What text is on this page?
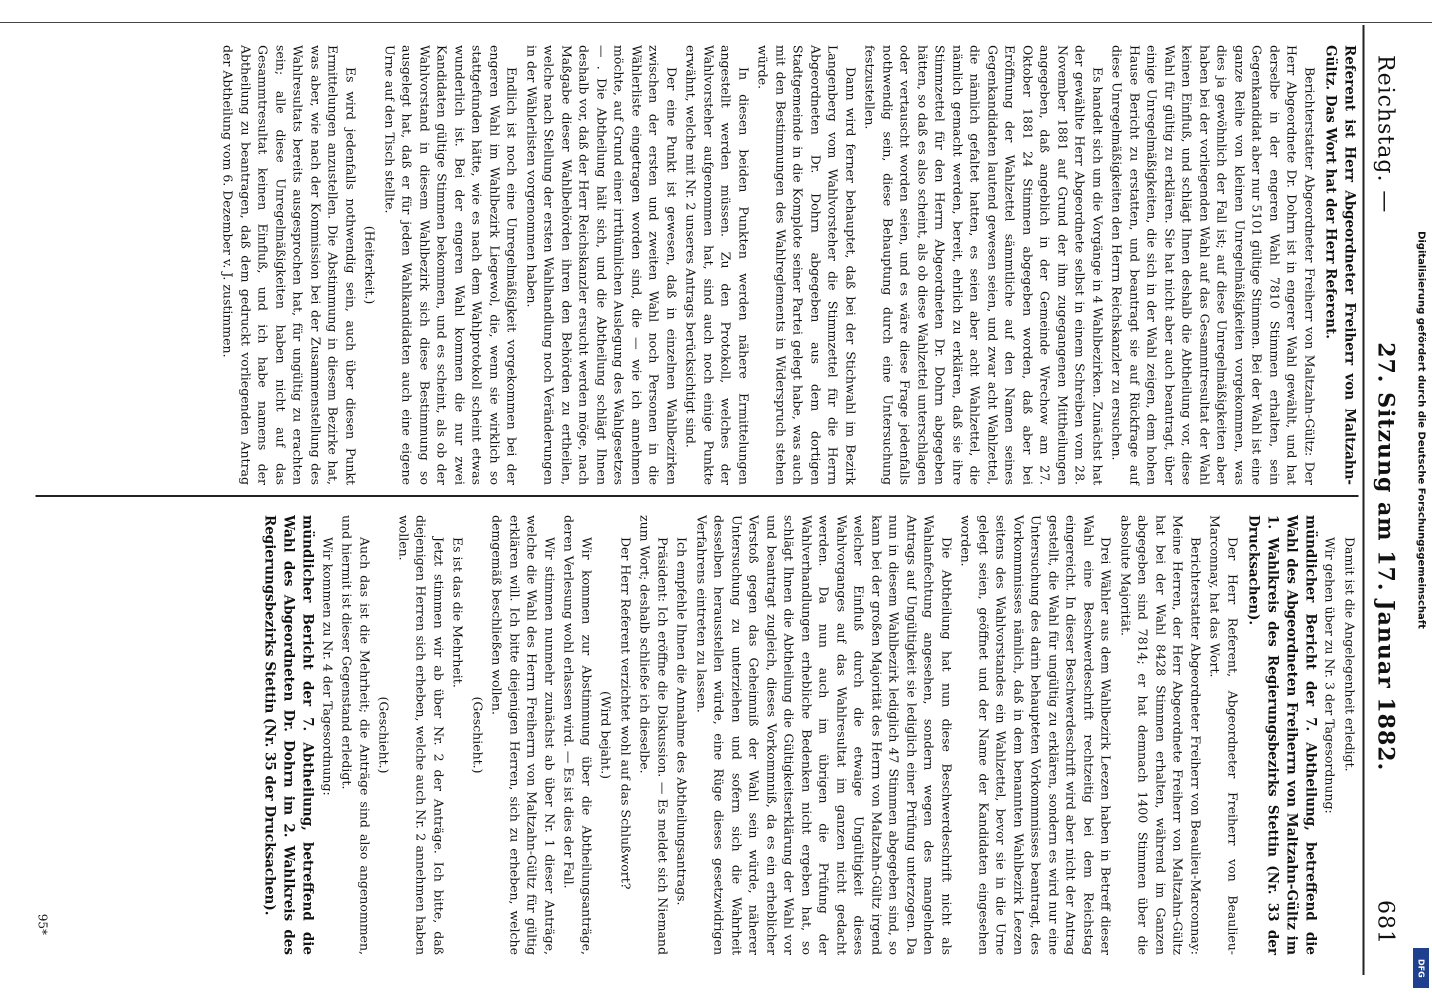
Reichstag. —
27. Sitzung am 17. Januar 1882.
681

Referent ist Herr Abgeordneter Freiherr von Maltzahn-Gültz. Das Wort hat der Herr Referent.

Berichterstatter Abgeordneter Freiherr von Maltzahn-Gültz: Der Herr Abgeordnete Dr. Dohrn ist in engerer Wahl gewählt, und hat derselbe in der engeren Wahl 7810 Stimmen erhalten, sein Gegenkandidat aber nur 5101 gültige Stimmen. Bei der Wahl ist eine ganze Reihe von kleinen Unregelmäßigkeiten vorgekommen, was dies ja gewöhnlich der Fall ist; auf diese Unregelmäßigkeiten aber haben bei der vorliegenden Wahl auf das Gesammtresultat der Wahl keinen Einfluß, und schlägt Ihnen deshalb die Abtheilung vor, diese Wahl für gültig zu erklären. Sie hat nicht aber auch beantragt, über einige Unregelmäßigkeiten, die sich in der Wahl zeigen, dem hohen Hause Bericht zu erstatten, und beantragt sie auf Rückfrage auf diese Unregelmäßigkeiten den Herrn Reichskanzler zu ersuchen.

Es handelt sich um die Vorgänge in 4 Wahlbezirken. Zunächst hat der gewählte Herr Abgeordnete selbst in einem Schreiben vom 28. November 1881 auf Grund der ihm zugegangenen Mittheilungen angegeben, daß angeblich in der Gemeinde Wrechow am 27. Oktober 1881 24 Stimmen abgegeben worden, daß aber bei Eröffnung der Wahlzettel sämmtliche auf den Namen seines Gegenkandidaten lautend gewesen seien, und zwar acht Wahlzettel, die nämlich gefaltet hatten, es seien aber acht Wahlzettel, die nämlich gemacht werden, bereit, ehrlich zu erklären, daß sie ihre Stimmzettel für den Herrn Abgeordneten Dr. Dohrn abgegeben hätten, so daß es also scheint, als ob diese Wahlzettel unterschlagen oder vertauscht worden seien, und es wäre diese Frage jedenfalls nothwendig sein, diese Behauptung durch eine Untersuchung festzustellen.

Dann wird ferner behauptet, daß bei der Stichwahl im Bezirk Langenberg vom Wahlvorsteher die Stimmzettel für die Herrn Abgeordneten Dr. Dohrn abgegeben aus dem dortigen Stadtgemeinde in die Komplote seiner Partei gelegt habe, was auch mit den Bestimmungen des Wahlreglements in Widerspruch stehen würde.

In diesen beiden Punkten werden nähere Ermittelungen angestellt werden müssen. Zu den Protokoll, welches der Wahlvorsteher aufgenommen hat, sind auch noch einige Punkte erwähnt, welche mit Nr. 2 unseres Antrags berücksichtigt sind.

Der eine Punkt ist gewesen, daß in einzelnen Wahlbezirken zwischen der ersten und zweiten Wahl noch Personen in die Wählerliste eingetragen worden sind, die — wie ich annehmen möchte, auf Grund einer irrthümlichen Auslegung des Wahlgesetzes — . Die Abtheilung hält sich, und die Abtheilung schlägt Ihnen deshalb vor, daß der Herr Reichskanzler ersucht werden möge, nach Maßgabe dieser Wahlbehörden ihren den Behörden zu ertheilen, welche nach Stellung der ersten Wahlhandlung noch Veränderungen in der Wählerlisten vorgenommen haben.

Endlich ist noch eine Unregelmäßigkeit vorgekommen bei der engeren Wahl im Wahlbezirk Liegewol, die, wenn sie wirklich so stattgefunden hätte, wie es nach dem Wahlprotokoll scheint etwas wunderlich ist. Bei der engeren Wahl kommen die nur zwei Kandidaten gültige Stimmen bekommen, und es scheint, als ob der Wahlvorstand in diesem Wahlbezirk sich diese Bestimmung so ausgelegt hat, daß er für jeden Wahlkandidaten auch eine eigene Urne auf den Tisch stellte.

(Heiterkeit.)

Es wird jedenfalls nothwendig sein, auch über diesen Punkt Ermittelungen anzustellen. Die Abstimmung in diesem Bezirke hat, was aber, wie nach der Kommission bei der Zusammenstellung des Wahlresultats bereits ausgesprochen hat, für ungültig zu erachten sein; alle diese Unregelmäßigkeiten haben nicht auf das Gesammtresultat keinen Einfluß, und ich habe namens der Abtheilung zu beantragen, daß dem gedruckt vorliegenden Antrag der Abtheilung vom 6. Dezember v. J. zustimmen.

Damit ist die Angelegenheit erledigt.

Wir gehen über zu Nr. 3 der Tagesordnung:

mündlicher Bericht der 7. Abtheilung, betreffend die Wahl des Abgeordneten Freiherrn von Maltzahn-Gültz im 1. Wahlkreis des Regierungsbezirks Stettin (Nr. 33 der Drucksachen).

Der Herr Referent, Abgeordneter Freiherr von Beaulieu-Marconnay, hat das Wort.

Berichterstatter Abgeordneter Freiherr von Beaulieu-Marconnay: Meine Herren, der Herr Abgeordnete Freiherr von Maltzahn-Gültz hat bei der Wahl 8428 Stimmen erhalten, während im Ganzen abgegeben sind 7814; er hat demnach 1400 Stimmen über die absolute Majorität.

Drei Wähler aus dem Wahlbezirk Leezen haben in Betreff dieser Wahl eine Beschwerdeschrift rechtzeitig bei dem Reichstag eingereicht. In dieser Beschwerdeschrift wird aber nicht der Antrag gestellt, die Wahl für ungültig zu erklären, sondern es wird nur eine Untersuchung des darin behaupteten Vorkommnisses beantragt, des Vorkommnisses nämlich, daß in dem benannten Wahlbezirk Leezen seitens des Wahlvorstandes ein Wahlzettel, bevor sie in die Urne gelegt seien, geöffnet und der Name der Kandidaten eingesehen worden.

Die Abtheilung hat nun diese Beschwerdeschrift nicht als Wahlanfechtung angesehen, sondern wegen des mangelnden Antrags auf Ungültigkeit sie lediglich einer Prüfung unterzogen. Da nun in diesem Wahlbezirk lediglich 47 Stimmen abgegeben sind, so kann bei der großen Majorität des Herrn von Maltzahn-Gültz irgend welcher Einfluß durch die etwaige Ungültigkeit dieses Wahlvorganges auf das Wahlresultat im ganzen nicht gedacht werden. Da nun auch im übrigen die Prüfung der Wahlverhandlungen erhebliche Bedenken nicht ergeben hat, so schlägt Ihnen die Abtheilung die Gültigkeitserklärung der Wahl vor und beantragt zugleich, dieses Vorkommniß, da es ein erheblicher Verstoß gegen das Geheimniß der Wahl sein würde, näherer Untersuchung zu unterziehen und sofern sich die Wahrheit desselben herausstellen würde, eine Rüge dieses gesetzwidrigen Verfahrens eintreten zu lassen.

Ich empfehle Ihnen die Annahme des Abtheilungsantrags.

Präsident: Ich eröffne die Diskussion. — Es meldet sich Niemand zum Wort; deshalb schließe ich dieselbe.

Der Herr Referent verzichtet wohl auf das Schlußwort?

(Wird bejaht.)

Wir kommen zur Abstimmung über die Abtheilungsanträge, deren Verlesung wohl erlassen wird. — Es ist dies der Fall.

Wir stimmen nunmehr zunächst ab über Nr. 1 dieser Anträge, welche die Wahl des Herrn Freiherrn von Maltzahn-Gültz für gültig erklären will. Ich bitte diejenigen Herren, sich zu erheben, welche demgemäß beschließen wollen.

(Geschieht.)

Es ist das die Mehrheit.

Jetzt stimmen wir ab über Nr. 2 der Anträge. Ich bitte, daß diejenigen Herren sich erheben, welche auch Nr. 2 annehmen haben wollen.

(Geschieht.)

Auch das ist die Mehrheit; die Anträge sind also angenommen, und hiermit ist dieser Gegenstand erledigt.

Wir kommen zu Nr. 4 der Tagesordnung:

mündlicher Bericht der 7. Abtheilung, betreffend die Wahl des Abgeordneten Dr. Dohrn im 2. Wahlkreis des Regierungsbezirks Stettin (Nr. 35 der Drucksachen).

95*
Digitalisierung gefördert durch die Deutsche Forschungsgemeinschaft
DFG
